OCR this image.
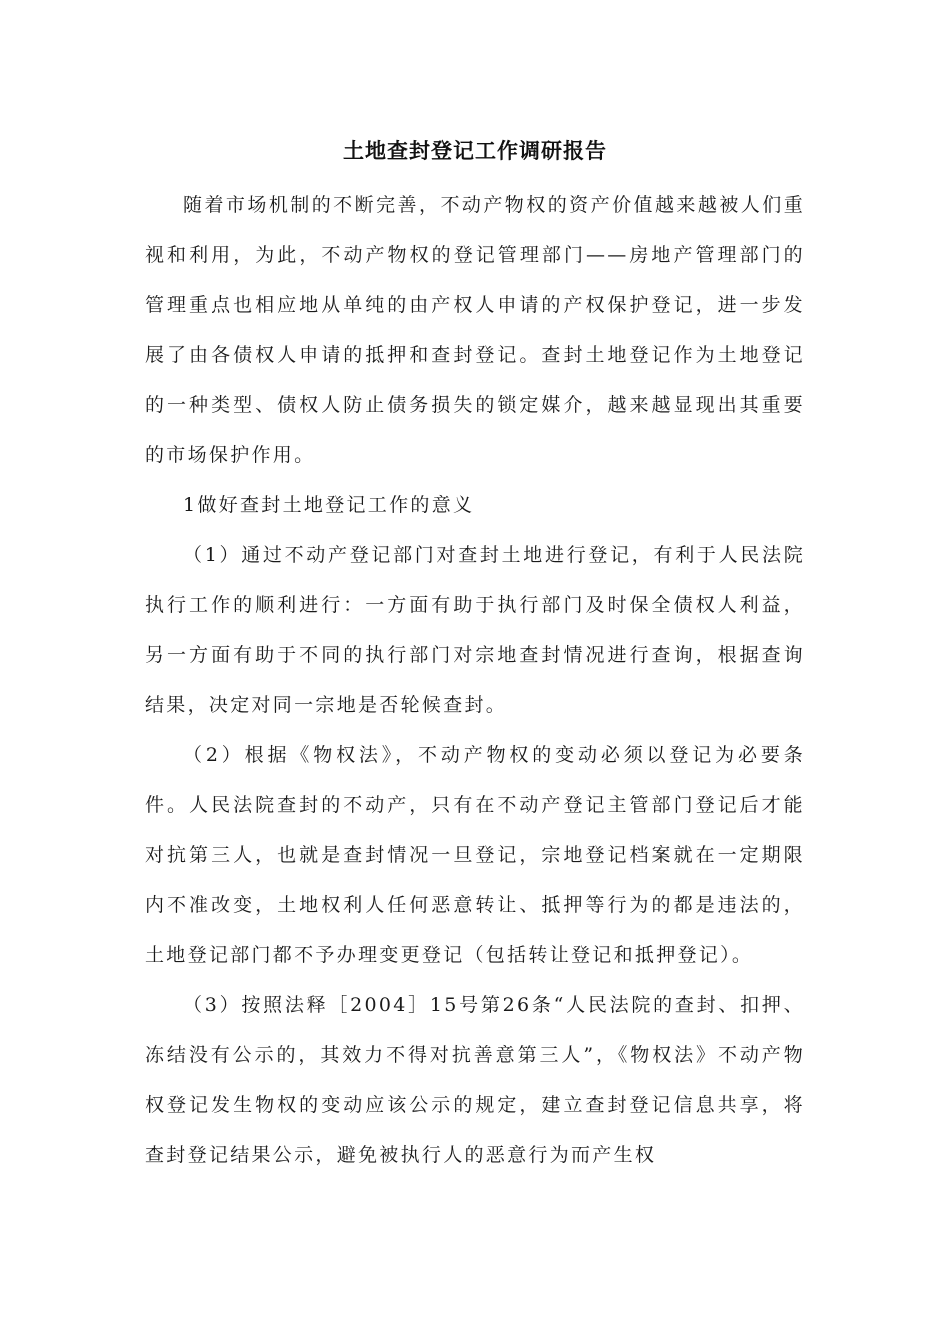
土地查封登记工作调研报告

随着市场机制的不断完善，不动产物权的资产价值越来越被人们重视和利用，为此，不动产物权的登记管理部门——房地产管理部门的管理重点也相应地从单纯的由产权人申请的产权保护登记，进一步发展了由各债权人申请的抵押和查封登记。查封土地登记作为土地登记的一种类型、债权人防止债务损失的锁定媒介，越来越显现出其重要的市场保护作用。

1做好查封土地登记工作的意义

（1）通过不动产登记部门对查封土地进行登记，有利于人民法院执行工作的顺利进行：一方面有助于执行部门及时保全债权人利益，另一方面有助于不同的执行部门对宗地查封情况进行查询，根据查询结果，决定对同一宗地是否轮候查封。

（2）根据《物权法》，不动产物权的变动必须以登记为必要条件。人民法院查封的不动产，只有在不动产登记主管部门登记后才能对抗第三人，也就是查封情况一旦登记，宗地登记档案就在一定期限内不准改变，土地权利人任何恶意转让、抵押等行为的都是违法的，土地登记部门都不予办理变更登记（包括转让登记和抵押登记）。

（3）按照法释［2004］15号第26条“人民法院的查封、扣押、冻结没有公示的，其效力不得对抗善意第三人”，《物权法》不动产物权登记发生物权的变动应该公示的规定，建立查封登记信息共享，将查封登记结果公示，避免被执行人的恶意行为而产生权
